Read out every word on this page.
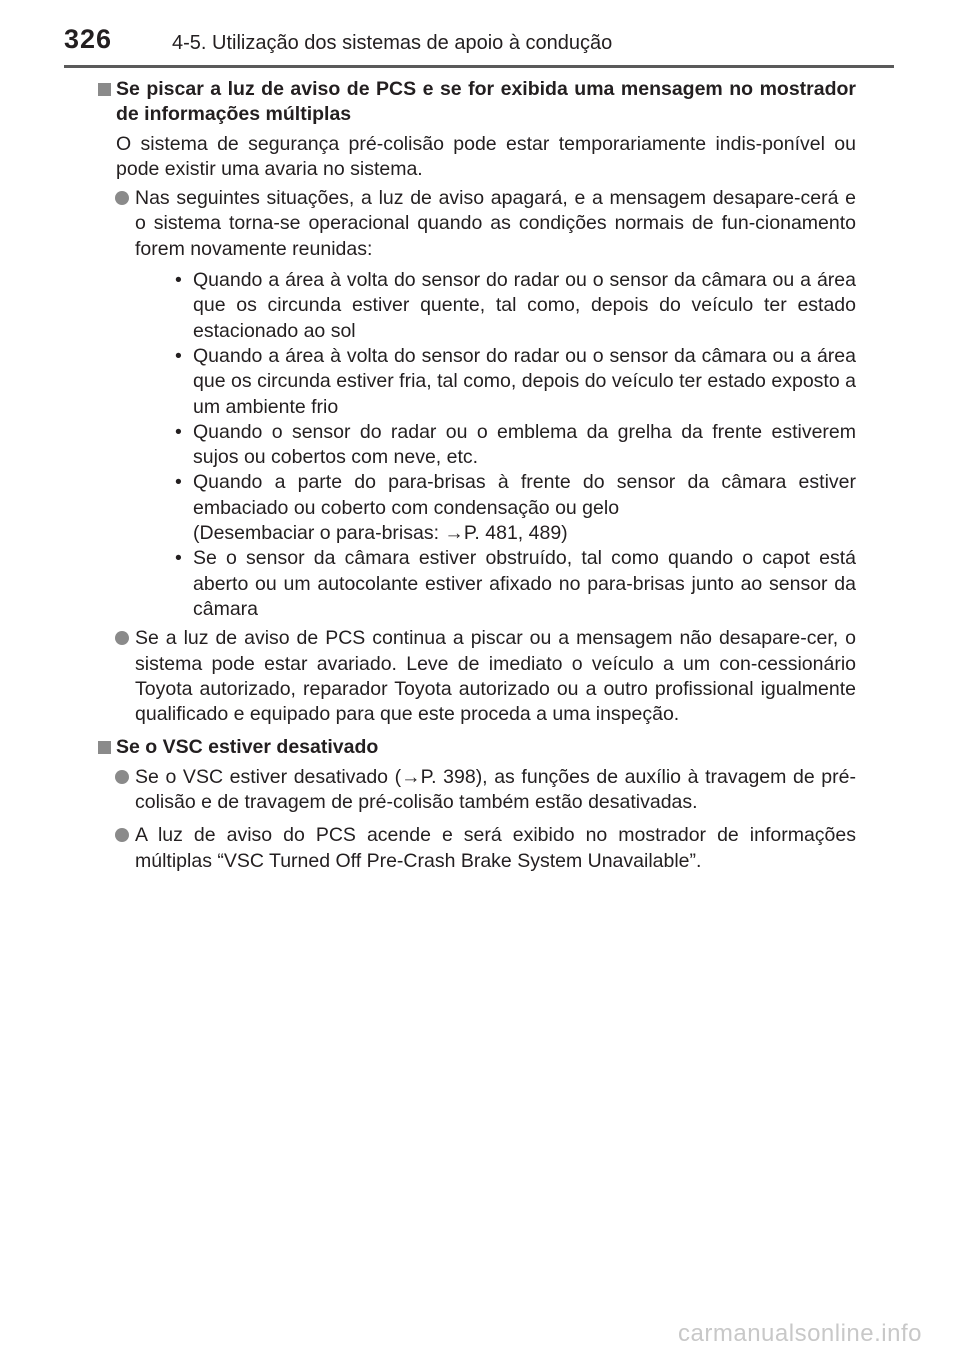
326	4-5. Utilização dos sistemas de apoio à condução
Se piscar a luz de aviso de PCS e se for exibida uma mensagem no mostrador de informações múltiplas
O sistema de segurança pré-colisão pode estar temporariamente indis-ponível ou pode existir uma avaria no sistema.
Nas seguintes situações, a luz de aviso apagará, e a mensagem desapare-cerá e o sistema torna-se operacional quando as condições normais de fun-cionamento forem novamente reunidas:
• Quando a área à volta do sensor do radar ou o sensor da câmara ou a área que os circunda estiver quente, tal como, depois do veículo ter estado estacionado ao sol
• Quando a área à volta do sensor do radar ou o sensor da câmara ou a área que os circunda estiver fria, tal como, depois do veículo ter estado exposto a um ambiente frio
• Quando o sensor do radar ou o emblema da grelha da frente estiverem sujos ou cobertos com neve, etc.
• Quando a parte do para-brisas à frente do sensor da câmara estiver embaciado ou coberto com condensação ou gelo
(Desembaciar o para-brisas: →P. 481, 489)
• Se o sensor da câmara estiver obstruído, tal como quando o capot está aberto ou um autocolante estiver afixado no para-brisas junto ao sensor da câmara
Se a luz de aviso de PCS continua a piscar ou a mensagem não desapare-cer, o sistema pode estar avariado. Leve de imediato o veículo a um con-cessionário Toyota autorizado, reparador Toyota autorizado ou a outro profissional igualmente qualificado e equipado para que este proceda a uma inspeção.
Se o VSC estiver desativado
Se o VSC estiver desativado (→P. 398), as funções de auxílio à travagem de pré-colisão e de travagem de pré-colisão também estão desativadas.
A luz de aviso do PCS acende e será exibido no mostrador de informações múltiplas “VSC Turned Off Pre-Crash Brake System Unavailable”.
carmanualsonline.info
